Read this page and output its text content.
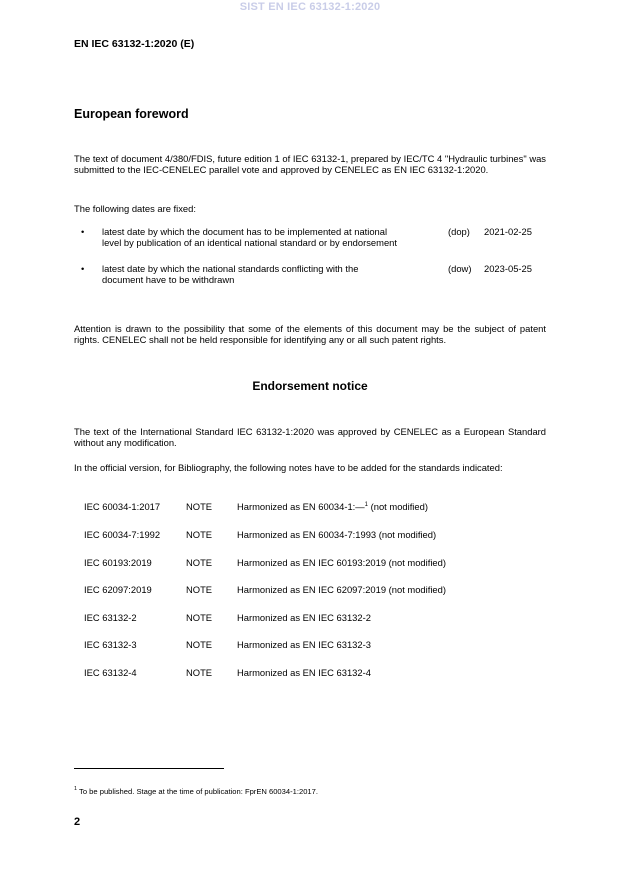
SIST EN IEC 63132-1:2020
EN IEC 63132-1:2020 (E)
European foreword
The text of document 4/380/FDIS, future edition 1 of IEC 63132-1, prepared by IEC/TC 4 "Hydraulic turbines" was submitted to the IEC-CENELEC parallel vote and approved by CENELEC as EN IEC 63132-1:2020.
The following dates are fixed:
• latest date by which the document has to be implemented at national
level by publication of an identical national standard or by endorsement
(dop) 2021-02-25
• latest date by which the national standards conflicting with the
document have to be withdrawn
(dow) 2023-05-25
Attention is drawn to the possibility that some of the elements of this document may be the subject of patent rights. CENELEC shall not be held responsible for identifying any or all such patent rights.
Endorsement notice
The text of the International Standard IEC 63132-1:2020 was approved by CENELEC as a European Standard without any modification.
In the official version, for Bibliography, the following notes have to be added for the standards indicated:
IEC 60034-1:2017	NOTE	Harmonized as EN 60034-1:—$^1$ (not modified)
IEC 60034-7:1992	NOTE	Harmonized as EN 60034-7:1993 (not modified)
IEC 60193:2019	NOTE	Harmonized as EN IEC 60193:2019 (not modified)
IEC 62097:2019	NOTE	Harmonized as EN IEC 62097:2019 (not modified)
IEC 63132-2	NOTE	Harmonized as EN IEC 63132-2
IEC 63132-3	NOTE	Harmonized as EN IEC 63132-3
IEC 63132-4	NOTE	Harmonized as EN IEC 63132-4
$^1$ To be published. Stage at the time of publication: FprEN 60034-1:2017.
2
